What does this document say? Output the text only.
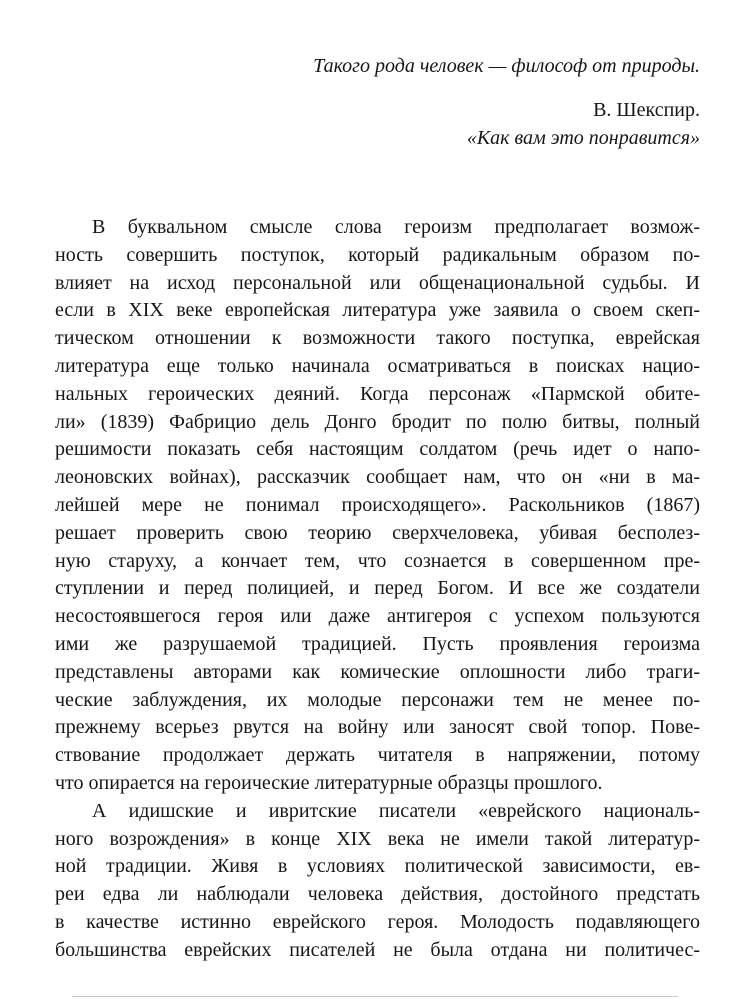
Такого рода человек — философ от природы.
В. Шекспир.
«Как вам это понравится»

В буквальном смысле слова героизм предполагает возмож-
ность совершить поступок, который радикальным образом по-
влияет на исход персональной или общенациональной судьбы. И
если в XIX веке европейская литература уже заявила о своем скеп-
тическом отношении к возможности такого поступка, еврейская
литература еще только начинала осматриваться в поисках нацио-
нальных героических деяний. Когда персонаж «Пармской обите-
ли» (1839) Фабрицио дель Донго бродит по полю битвы, полный
решимости показать себя настоящим солдатом (речь идет о напо-
леоновских войнах), рассказчик сообщает нам, что он «ни в ма-
лейшей мере не понимал происходящего». Раскольников (1867)
решает проверить свою теорию сверхчеловека, убивая бесполез-
ную старуху, а кончает тем, что сознается в совершенном пре-
ступлении и перед полицией, и перед Богом. И все же создатели
несостоявшегося героя или даже антигероя с успехом пользуются
ими же разрушаемой традицией. Пусть проявления героизма
представлены авторами как комические оплошности либо траги-
ческие заблуждения, их молодые персонажи тем не менее по-
прежнему всерьез рвутся на войну или заносят свой топор. Пове-
ствование продолжает держать читателя в напряжении, потому
что опирается на героические литературные образцы прошлого.

А идишские и ивритские писатели «еврейского националь-
ного возрождения» в конце XIX века не имели такой литератур-
ной традиции. Живя в условиях политической зависимости, ев-
реи едва ли наблюдали человека действия, достойного предстать
в качестве истинно еврейского героя. Молодость подавляющего
большинства еврейских писателей не была отдана ни политичес-
